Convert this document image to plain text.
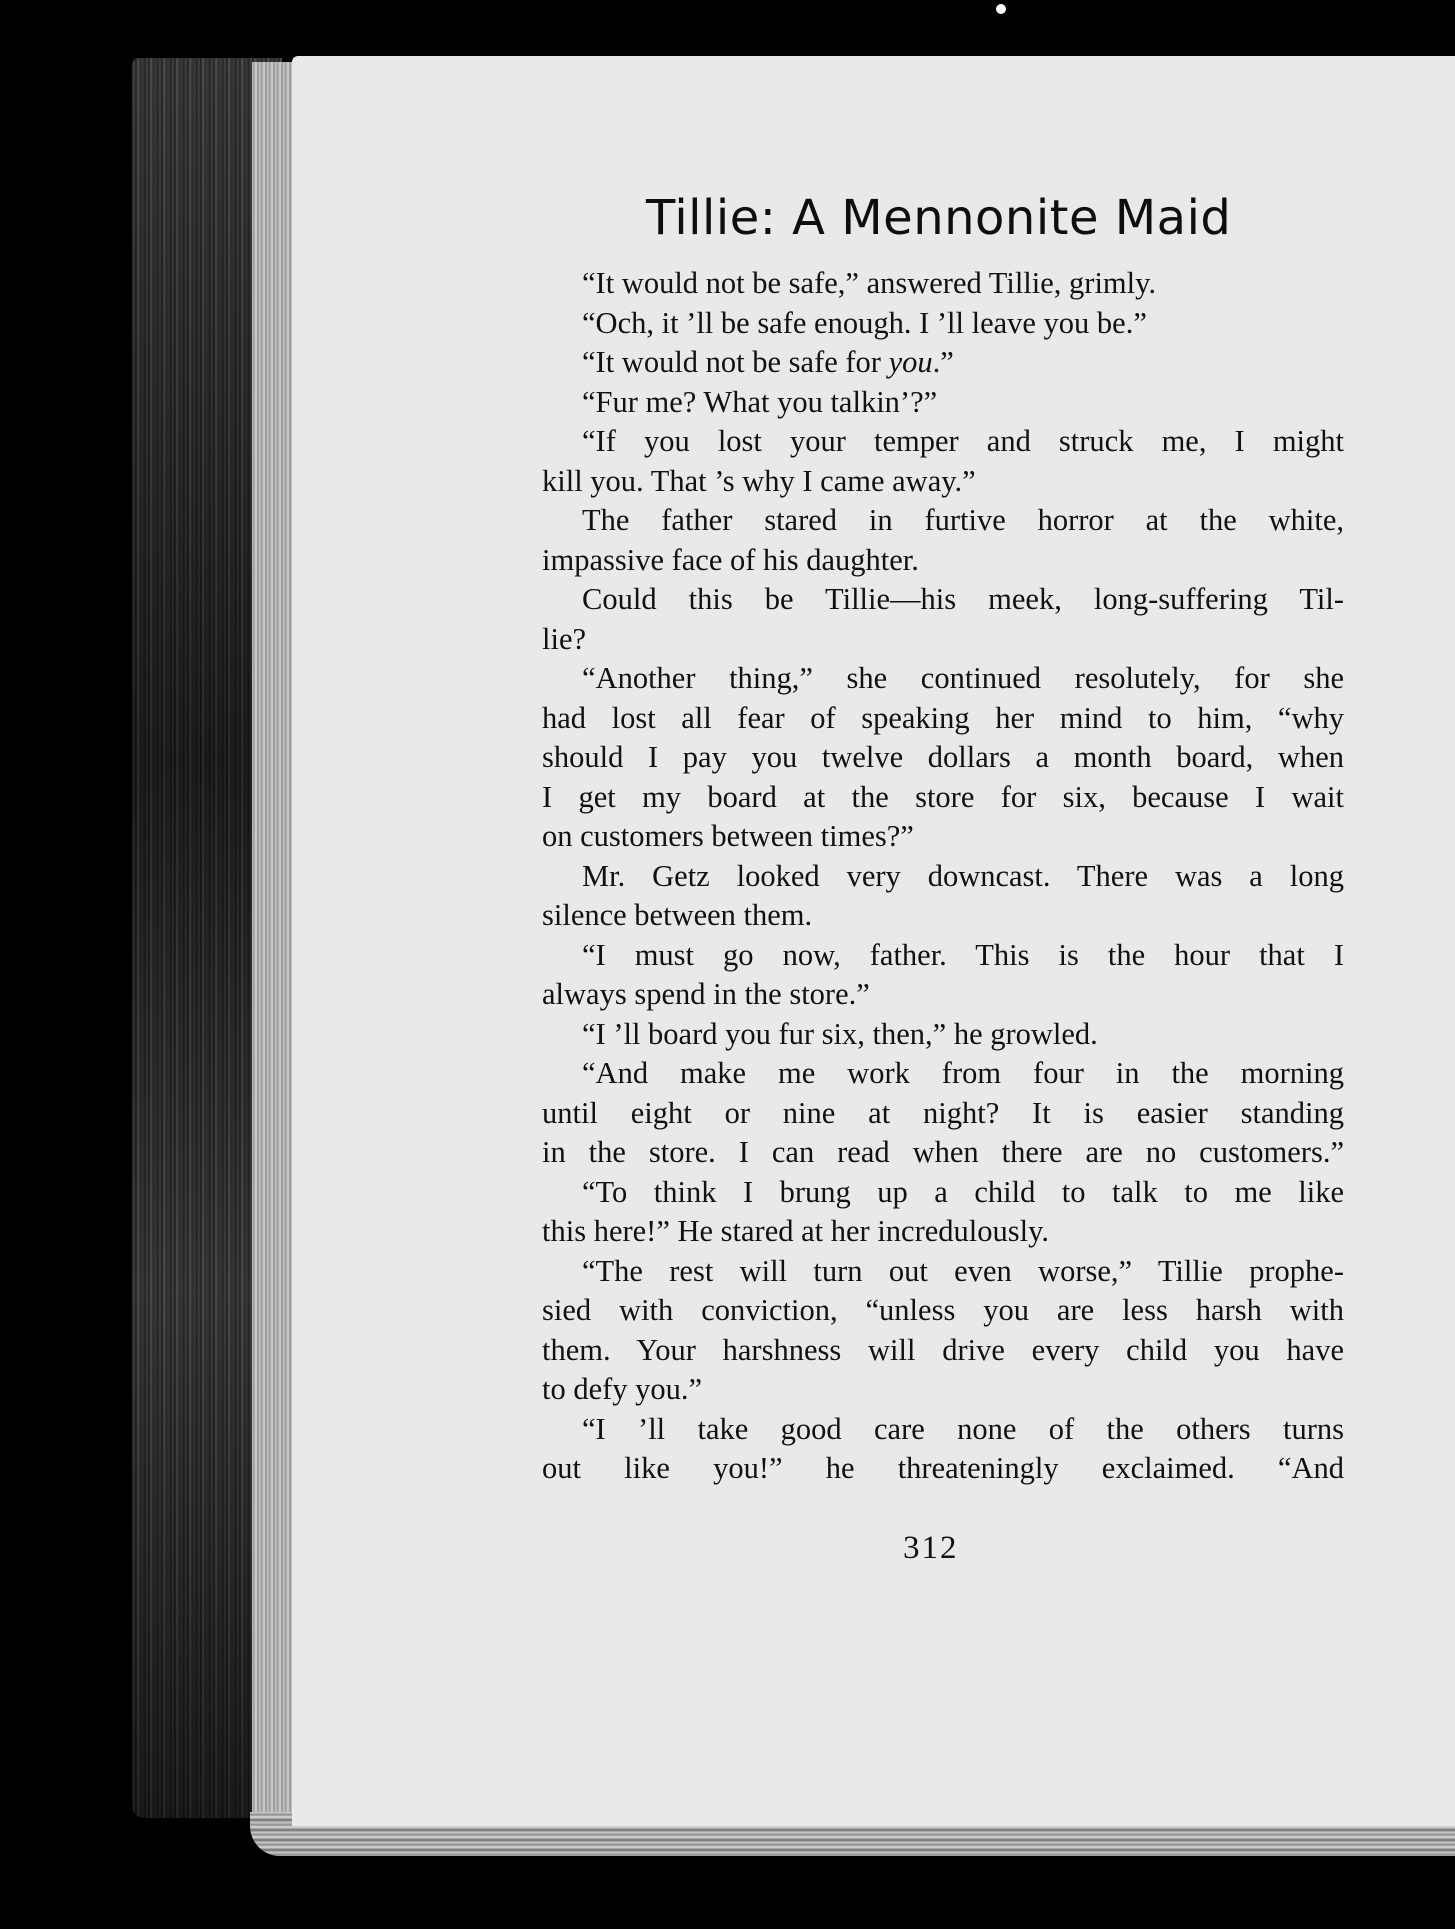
Tillie: A Mennonite Maid
“It would not be safe,” answered Tillie, grimly.
“Och, it ’ll be safe enough. I ’ll leave you be.”
“It would not be safe for you.”
“Fur me? What you talkin’?”
“If you lost your temper and struck me, I might
kill you. That ’s why I came away.”
The father stared in furtive horror at the white,
impassive face of his daughter.
Could this be Tillie—his meek, long-suffering Til-
lie?
“Another thing,” she continued resolutely, for she
had lost all fear of speaking her mind to him, “why
should I pay you twelve dollars a month board, when
I get my board at the store for six, because I wait
on customers between times?”
Mr. Getz looked very downcast. There was a long
silence between them.
“I must go now, father. This is the hour that I
always spend in the store.”
“I ’ll board you fur six, then,” he growled.
“And make me work from four in the morning
until eight or nine at night? It is easier standing
in the store. I can read when there are no customers.”
“To think I brung up a child to talk to me like
this here!” He stared at her incredulously.
“The rest will turn out even worse,” Tillie prophe-
sied with conviction, “unless you are less harsh with
them. Your harshness will drive every child you have
to defy you.”
“I ’ll take good care none of the others turns
out like you!” he threateningly exclaimed. “And
312
